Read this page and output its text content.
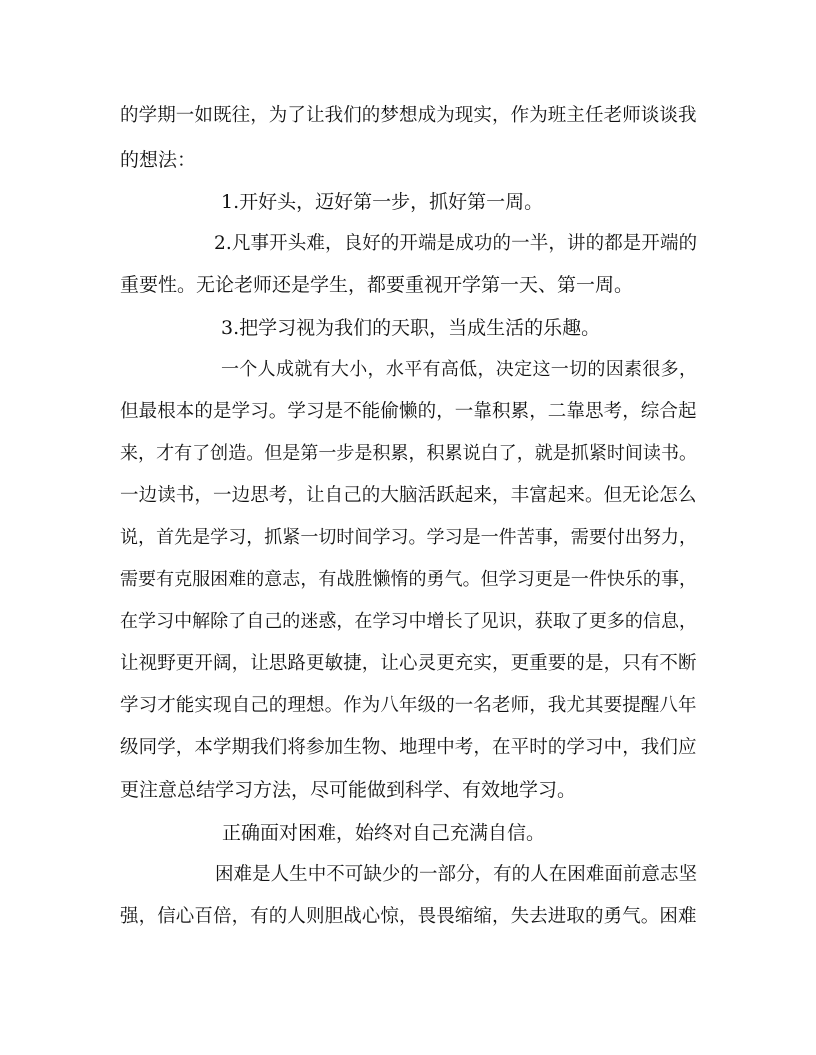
的学期一如既往，为了让我们的梦想成为现实，作为班主任老师谈谈我
的想法：
1.开好头，迈好第一步，抓好第一周。
2.凡事开头难，良好的开端是成功的一半，讲的都是开端的
重要性。无论老师还是学生，都要重视开学第一天、第一周。
3.把学习视为我们的天职，当成生活的乐趣。
一个人成就有大小，水平有高低，决定这一切的因素很多，
但最根本的是学习。学习是不能偷懒的，一靠积累，二靠思考，综合起
来，才有了创造。但是第一步是积累，积累说白了，就是抓紧时间读书。
一边读书，一边思考，让自己的大脑活跃起来，丰富起来。但无论怎么
说，首先是学习，抓紧一切时间学习。学习是一件苦事，需要付出努力，
需要有克服困难的意志，有战胜懒惰的勇气。但学习更是一件快乐的事，
在学习中解除了自己的迷惑，在学习中增长了见识，获取了更多的信息，
让视野更开阔，让思路更敏捷，让心灵更充实，更重要的是，只有不断
学习才能实现自己的理想。作为八年级的一名老师，我尤其要提醒八年
级同学，本学期我们将参加生物、地理中考，在平时的学习中，我们应
更注意总结学习方法，尽可能做到科学、有效地学习。
正确面对困难，始终对自己充满自信。
困难是人生中不可缺少的一部分，有的人在困难面前意志坚
强，信心百倍，有的人则胆战心惊，畏畏缩缩，失去进取的勇气。困难
